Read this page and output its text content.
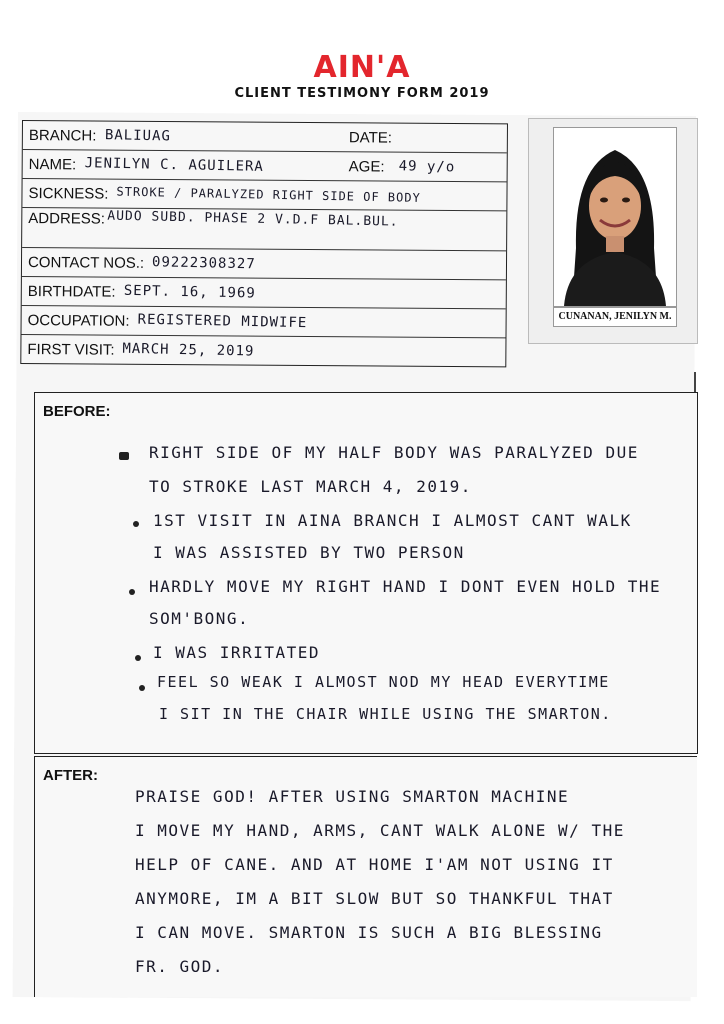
AIN'A
CLIENT TESTIMONY FORM 2019
BRANCH: BALIUAG	DATE:
NAME: JENILYN C. AGUILERA	AGE: 49 y/o
SICKNESS: STROKE / PARALYZED RIGHT SIDE OF BODY
ADDRESS: AUDO SUBD. PHASE 2 V.D.F BAL.BUL.
CONTACT NOS.: 09222308327
BIRTHDATE: SEPT. 16, 1969
OCCUPATION: REGISTERED MIDWIFE
FIRST VISIT: MARCH 25, 2019
CUNANAN, JENILYN M.
BEFORE:
RIGHT SIDE OF MY HALF BODY WAS PARALYZED DUE
TO STROKE LAST MARCH 4, 2019.
1ST VISIT IN AINA BRANCH I ALMOST CANT WALK
I WAS ASSISTED BY TWO PERSON
HARDLY MOVE MY RIGHT HAND I DONT EVEN HOLD THE
SOM'BONG.
I WAS IRRITATED
FEEL SO WEAK I ALMOST NOD MY HEAD EVERYTIME
I SIT IN THE CHAIR WHILE USING THE SMARTON.
AFTER:
PRAISE GOD! AFTER USING SMARTON MACHINE
I MOVE MY HAND, ARMS, CANT WALK ALONE W/ THE
HELP OF CANE. AND AT HOME I'AM NOT USING IT
ANYMORE, IM A BIT SLOW BUT SO THANKFUL THAT
I CAN MOVE. SMARTON IS SUCH A BIG BLESSING
FR. GOD.
